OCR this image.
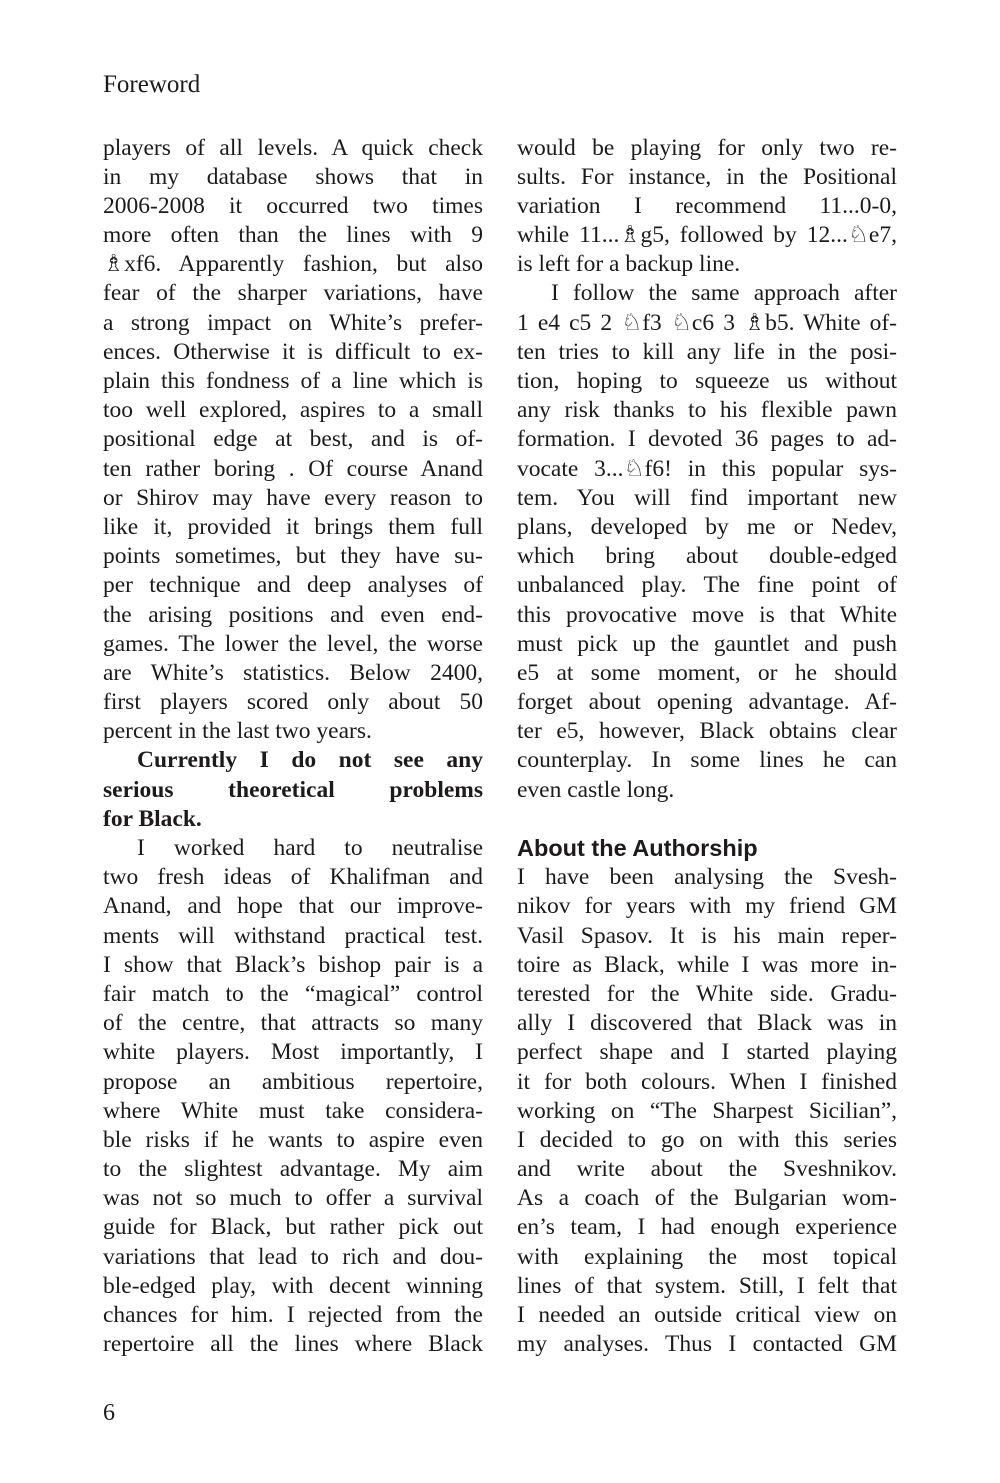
Foreword
players of all levels. A quick check
in my database shows that in
2006-2008 it occurred two times
more often than the lines with 9
♗xf6. Apparently fashion, but also
fear of the sharper variations, have
a strong impact on White’s prefer-
ences. Otherwise it is difficult to ex-
plain this fondness of a line which is
too well explored, aspires to a small
positional edge at best, and is of-
ten rather boring . Of course Anand
or Shirov may have every reason to
like it, provided it brings them full
points sometimes, but they have su-
per technique and deep analyses of
the arising positions and even end-
games. The lower the level, the worse
are White’s statistics. Below 2400,
first players scored only about 50
percent in the last two years.
Currently I do not see any
serious theoretical problems
for Black.
I worked hard to neutralise
two fresh ideas of Khalifman and
Anand, and hope that our improve-
ments will withstand practical test.
I show that Black’s bishop pair is a
fair match to the “magical” control
of the centre, that attracts so many
white players. Most importantly, I
propose an ambitious repertoire,
where White must take considera-
ble risks if he wants to aspire even
to the slightest advantage. My aim
was not so much to offer a survival
guide for Black, but rather pick out
variations that lead to rich and dou-
ble-edged play, with decent winning
chances for him. I rejected from the
repertoire all the lines where Black
would be playing for only two re-
sults. For instance, in the Positional
variation I recommend 11...0-0,
while 11...♗g5, followed by 12...♘e7,
is left for a backup line.
I follow the same approach after
1 e4 c5 2 ♘f3 ♘c6 3 ♗b5. White of-
ten tries to kill any life in the posi-
tion, hoping to squeeze us without
any risk thanks to his flexible pawn
formation. I devoted 36 pages to ad-
vocate 3...♘f6! in this popular sys-
tem. You will find important new
plans, developed by me or Nedev,
which bring about double-edged
unbalanced play. The fine point of
this provocative move is that White
must pick up the gauntlet and push
e5 at some moment, or he should
forget about opening advantage. Af-
ter e5, however, Black obtains clear
counterplay. In some lines he can
even castle long.
About the Authorship
I have been analysing the Svesh-
nikov for years with my friend GM
Vasil Spasov. It is his main reper-
toire as Black, while I was more in-
terested for the White side. Gradu-
ally I discovered that Black was in
perfect shape and I started playing
it for both colours. When I finished
working on “The Sharpest Sicilian”,
I decided to go on with this series
and write about the Sveshnikov.
As a coach of the Bulgarian wom-
en’s team, I had enough experience
with explaining the most topical
lines of that system. Still, I felt that
I needed an outside critical view on
my analyses. Thus I contacted GM
6
